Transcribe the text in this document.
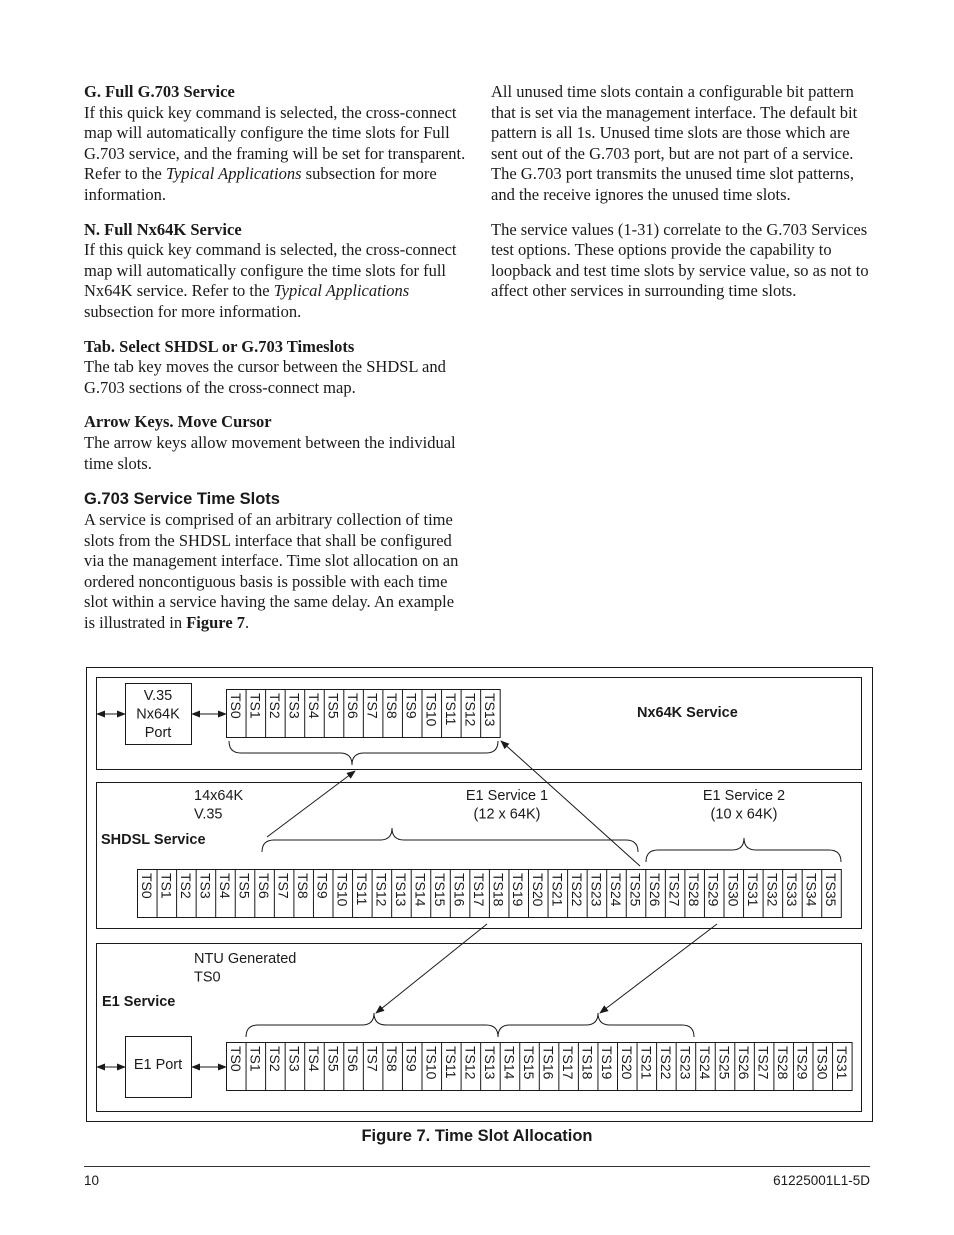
G. Full G.703 Service

If this quick key command is selected, the cross-connect map will automatically configure the time slots for Full G.703 service, and the framing will be set for transparent. Refer to the Typical Applications subsection for more information.

N. Full Nx64K Service

If this quick key command is selected, the cross-connect map will automatically configure the time slots for full Nx64K service. Refer to the Typical Applications subsection for more information.

Tab. Select SHDSL or G.703 Timeslots

The tab key moves the cursor between the SHDSL and G.703 sections of the cross-connect map.

Arrow Keys. Move Cursor

The arrow keys allow movement between the individual time slots.

G.703 Service Time Slots

A service is comprised of an arbitrary collection of time slots from the SHDSL interface that shall be configured via the management interface. Time slot allocation on an ordered noncontiguous basis is possible with each time slot within a service having the same delay. An example is illustrated in Figure 7.

All unused time slots contain a configurable bit pattern that is set via the management interface. The default bit pattern is all 1s. Unused time slots are those which are sent out of the G.703 port, but are not part of a service. The G.703 port transmits the unused time slot patterns, and the receive ignores the unused time slots.

The service values (1-31) correlate to the G.703 Services test options. These options provide the capability to loopback and test time slots by service value, so as not to affect other services in surrounding time slots.

TS0 TS1 TS2 TS3 TS4 TS5 TS6 TS7 TS8 TS9 TS10 TS11 TS12 TS13
TS0 TS1 TS2 TS3 TS4 TS5 TS6 TS7 TS8 TS9 TS10 TS11 TS12 TS13 TS14 TS15 TS16 TS17 TS18 TS19 TS20 TS21 TS22 TS23 TS24 TS25 TS26 TS27 TS28 TS29 TS30 TS31 TS32 TS33 TS34 TS35
TS0 TS1 TS2 TS3 TS4 TS5 TS6 TS7 TS8 TS9 TS10 TS11 TS12 TS13 TS14 TS15 TS16 TS17 TS18 TS19 TS20 TS21 TS22 TS23 TS24 TS25 TS26 TS27 TS28 TS29 TS30 TS31
V.35
Nx64K
Port
Nx64K Service
14x64K
V.35
E1 Service 1
(12 x 64K)
E1 Service 2
(10 x 64K)
SHDSL Service
NTU Generated
TS0
E1 Service
E1 Port
Figure 7. Time Slot Allocation
10	61225001L1-5D
